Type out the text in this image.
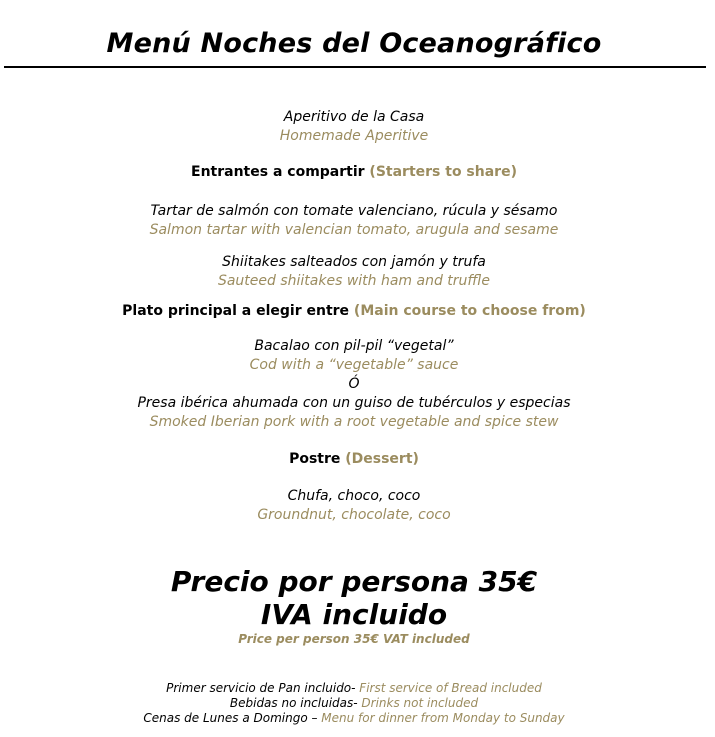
Menú Noches del Oceanográfico
Aperitivo de la Casa
Homemade Aperitive
Entrantes a compartir (Starters to share)
Tartar de salmón con tomate valenciano, rúcula y sésamo
Salmon tartar with valencian tomato, arugula and sesame
Shiitakes salteados con jamón y trufa
Sauteed shiitakes with ham and truffle
Plato principal a elegir entre (Main course to choose from)
Bacalao con pil-pil “vegetal”
Cod with a “vegetable” sauce
Ó
Presa ibérica ahumada con un guiso de tubérculos y especias
Smoked Iberian pork with a root vegetable and spice stew
Postre (Dessert)
Chufa, choco, coco
Groundnut, chocolate, coco
Precio por persona 35€
IVA incluido
Price per person 35€ VAT included
Primer servicio de Pan incluido- First service of Bread included
Bebidas no incluidas- Drinks not included
Cenas de Lunes a Domingo – Menu for dinner from Monday to Sunday
